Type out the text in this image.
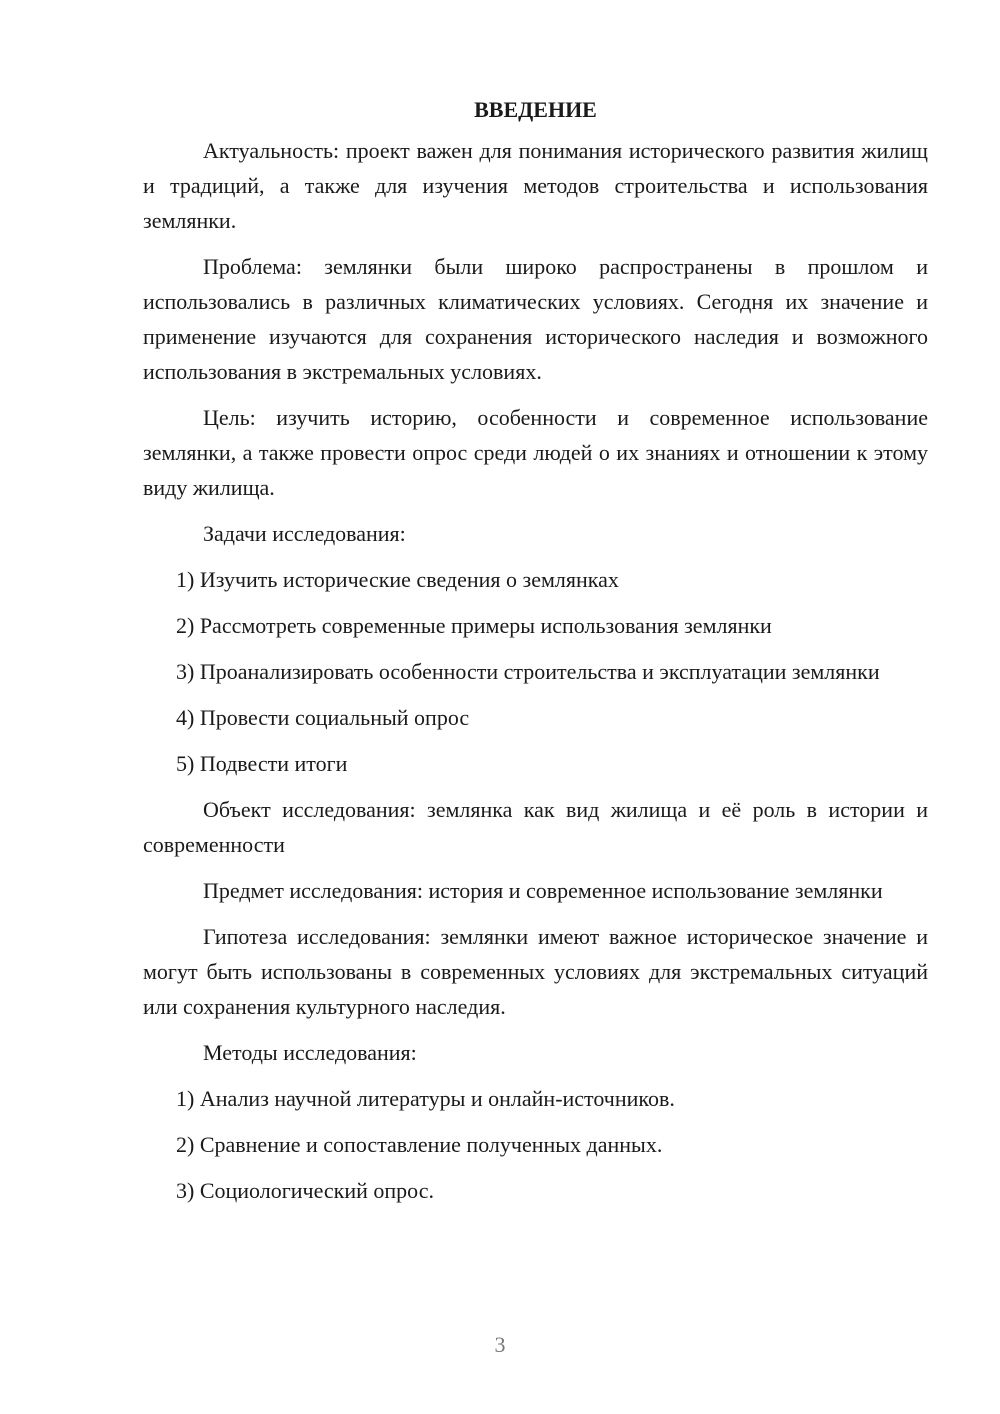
ВВЕДЕНИЕ

Актуальность: проект важен для понимания исторического развития жилищ и традиций, а также для изучения методов строительства и использования землянки.

Проблема: землянки были широко распространены в прошлом и использовались в различных климатических условиях. Сегодня их значение и применение изучаются для сохранения исторического наследия и возможного использования в экстремальных условиях.

Цель: изучить историю, особенности и современное использование землянки, а также провести опрос среди людей о их знаниях и отношении к этому виду жилища.

Задачи исследования:

1) Изучить исторические сведения о землянках

2) Рассмотреть современные примеры использования землянки

3) Проанализировать особенности строительства и эксплуатации землянки

4) Провести социальный опрос

5) Подвести итоги

Объект исследования: землянка как вид жилища и её роль в истории и современности

Предмет исследования: история и современное использование землянки

Гипотеза исследования: землянки имеют важное историческое значение и могут быть использованы в современных условиях для экстремальных ситуаций или сохранения культурного наследия.

Методы исследования:

1) Анализ научной литературы и онлайн-источников.

2) Сравнение и сопоставление полученных данных.

3) Социологический опрос.

3
